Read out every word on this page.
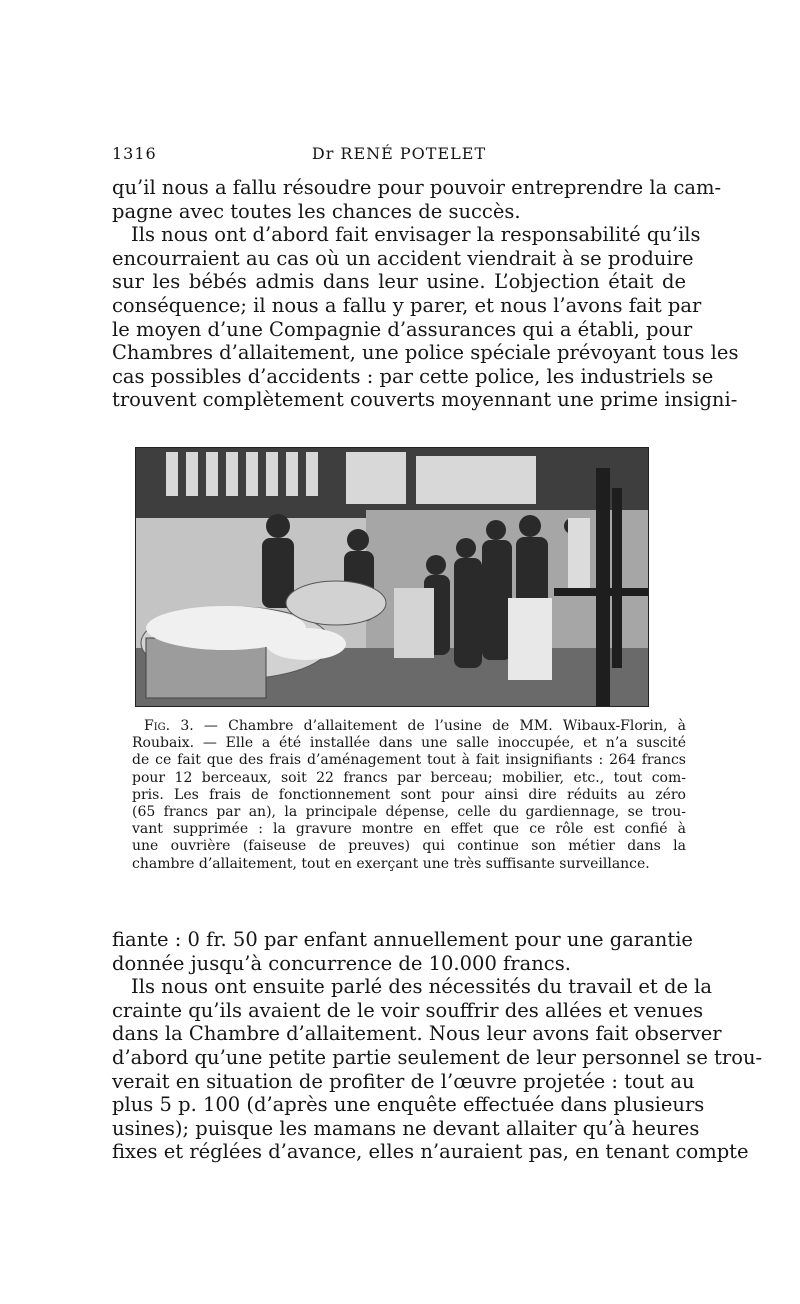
1316	Dr RENÉ POTELET
qu’il nous a fallu résoudre pour pouvoir entreprendre la cam-
pagne avec toutes les chances de succès.
Ils nous ont d’abord fait envisager la responsabilité qu’ils
encourraient au cas où un accident viendrait à se produire
sur les bébés admis dans leur usine. L’objection était de
conséquence; il nous a fallu y parer, et nous l’avons fait par
le moyen d’une Compagnie d’assurances qui a établi, pour
Chambres d’allaitement, une police spéciale prévoyant tous les
cas possibles d’accidents : par cette police, les industriels se
trouvent complètement couverts moyennant une prime insigni-
Fig. 3. — Chambre d’allaitement de l’usine de MM. Wibaux-Florin, à
Roubaix. — Elle a été installée dans une salle inoccupée, et n’a suscité
de ce fait que des frais d’aménagement tout à fait insignifiants : 264 francs
pour 12 berceaux, soit 22 francs par berceau; mobilier, etc., tout com-
pris. Les frais de fonctionnement sont pour ainsi dire réduits au zéro
(65 francs par an), la principale dépense, celle du gardiennage, se trou-
vant supprimée : la gravure montre en effet que ce rôle est confié à
une ouvrière (faiseuse de preuves) qui continue son métier dans la
chambre d’allaitement, tout en exerçant une très suffisante surveillance.
fiante : 0 fr. 50 par enfant annuellement pour une garantie
donnée jusqu’à concurrence de 10.000 francs.
Ils nous ont ensuite parlé des nécessités du travail et de la
crainte qu’ils avaient de le voir souffrir des allées et venues
dans la Chambre d’allaitement. Nous leur avons fait observer
d’abord qu’une petite partie seulement de leur personnel se trou-
verait en situation de profiter de l’œuvre projetée : tout au
plus 5 p. 100 (d’après une enquête effectuée dans plusieurs
usines); puisque les mamans ne devant allaiter qu’à heures
fixes et réglées d’avance, elles n’auraient pas, en tenant compte
